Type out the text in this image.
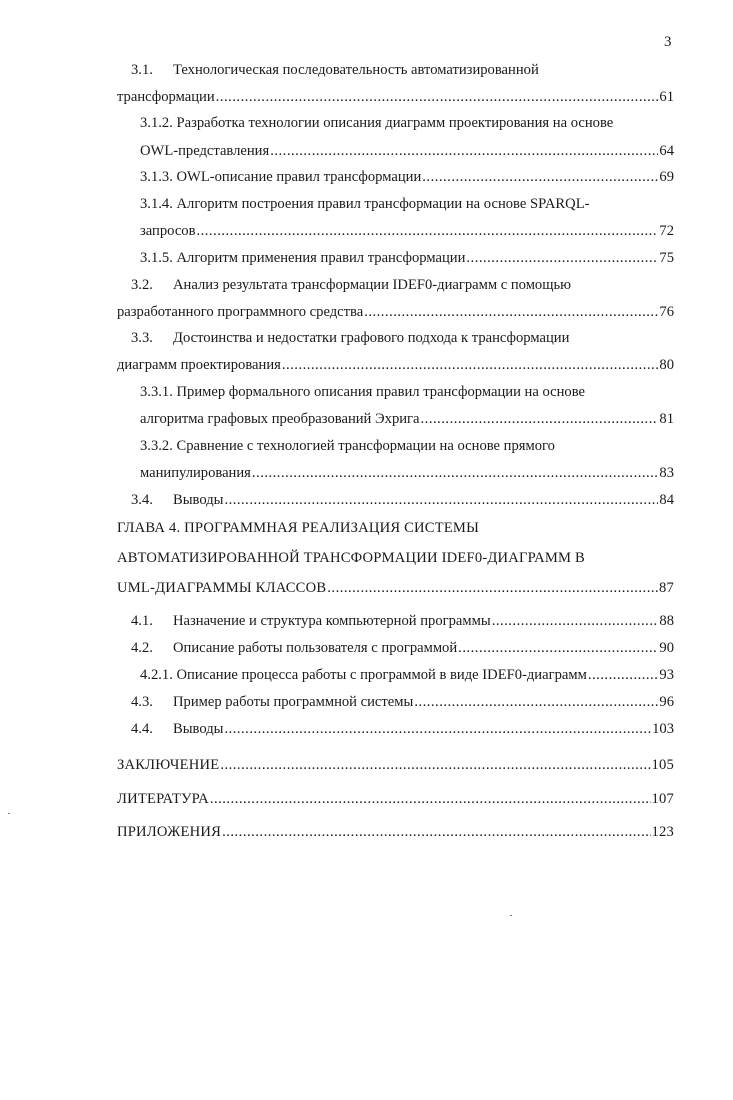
3
3.1. Технологическая последовательность автоматизированной
трансформации .....	61
3.1.2. Разработка технологии описания диаграмм проектирования на основе
OWL-представления .....	64
3.1.3. OWL-описание правил трансформации .....	69
3.1.4. Алгоритм построения правил трансформации на основе SPARQL-
запросов .....	72
3.1.5. Алгоритм применения правил трансформации .....	75
3.2. Анализ результата трансформации IDEF0-диаграмм с помощью
разработанного программного средства .....	76
3.3. Достоинства и недостатки графового подхода к трансформации
диаграмм проектирования .....	80
3.3.1. Пример формального описания правил трансформации на основе
алгоритма графовых преобразований Эхрига .....	81
3.3.2. Сравнение с технологией трансформации на основе прямого
манипулирования .....	83
3.4. Выводы .....	84
ГЛАВА 4. ПРОГРАММНАЯ РЕАЛИЗАЦИЯ СИСТЕМЫ
АВТОМАТИЗИРОВАННОЙ ТРАНСФОРМАЦИИ IDEF0-ДИАГРАММ В
UML-ДИАГРАММЫ КЛАССОВ .....	87
4.1. Назначение и структура компьютерной программы .....	88
4.2. Описание работы пользователя с программой .....	90
4.2.1. Описание процесса работы с программой в виде IDEF0-диаграмм .....	93
4.3. Пример работы программной системы .....	96
4.4. Выводы .....	103
ЗАКЛЮЧЕНИЕ .....	105
ЛИТЕРАТУРА .....	107
ПРИЛОЖЕНИЯ .....	123
